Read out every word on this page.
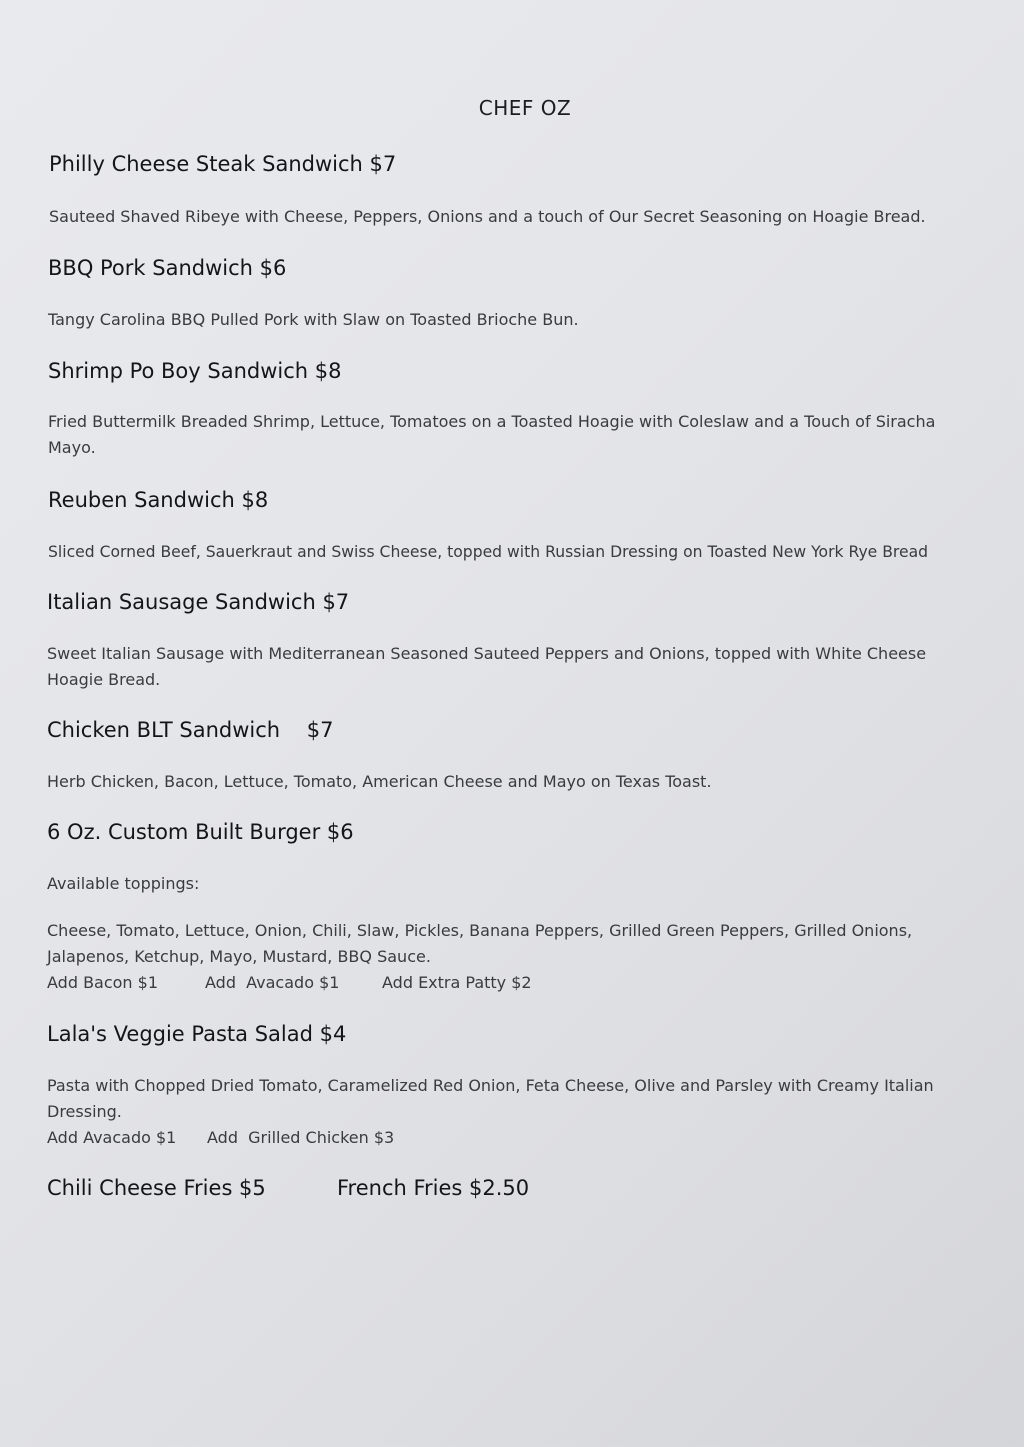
CHEF OZ

Philly Cheese Steak Sandwich $7

Sauteed Shaved Ribeye with Cheese, Peppers, Onions and a touch of Our Secret Seasoning on Hoagie Bread.

BBQ Pork Sandwich $6

Tangy Carolina BBQ Pulled Pork with Slaw on Toasted Brioche Bun.

Shrimp Po Boy Sandwich $8

Fried Buttermilk Breaded Shrimp, Lettuce, Tomatoes on a Toasted Hoagie with Coleslaw and a Touch of Siracha Mayo.

Reuben Sandwich $8

Sliced Corned Beef, Sauerkraut and Swiss Cheese, topped with Russian Dressing on Toasted New York Rye Bread

Italian Sausage Sandwich $7

Sweet Italian Sausage with Mediterranean Seasoned Sauteed Peppers and Onions, topped with White Cheese Hoagie Bread.

Chicken BLT Sandwich    $7

Herb Chicken, Bacon, Lettuce, Tomato, American Cheese and Mayo on Texas Toast.

6 Oz. Custom Built Burger $6

Available toppings:

Cheese, Tomato, Lettuce, Onion, Chili, Slaw, Pickles, Banana Peppers, Grilled Green Peppers, Grilled Onions, Jalapenos, Ketchup, Mayo, Mustard, BBQ Sauce.

Add Bacon $1	Add  Avacado $1	Add Extra Patty $2

Lala's Veggie Pasta Salad $4

Pasta with Chopped Dried Tomato, Caramelized Red Onion, Feta Cheese, Olive and Parsley with Creamy Italian Dressing.

Add Avacado $1 Add  Grilled Chicken $3
Chili Cheese Fries $5	French Fries $2.50
